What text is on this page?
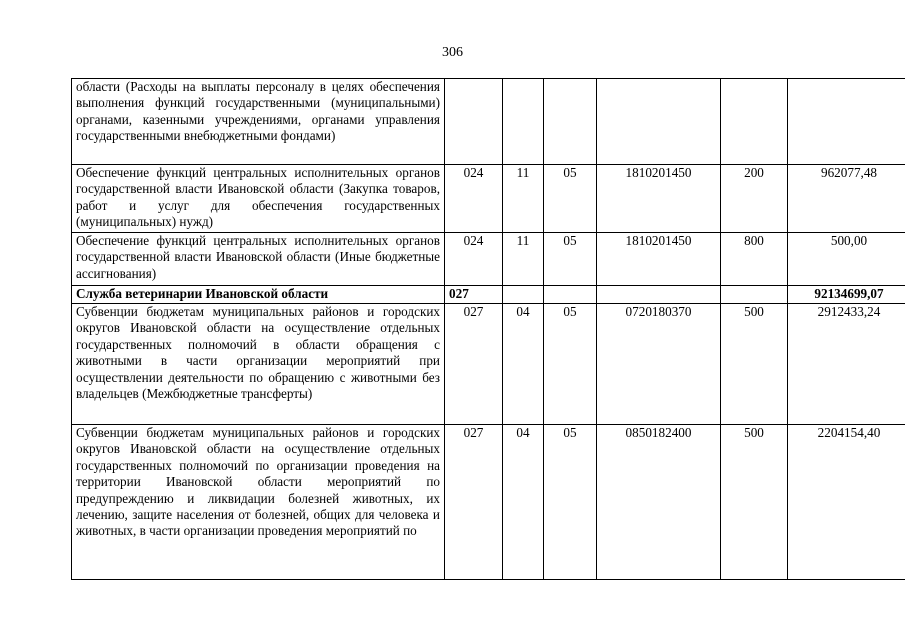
306
области (Расходы на выплаты персоналу в целях обеспечения выполнения функций государственными (муниципальными) органами, казенными учреждениями, органами управления государственными внебюджетными фондами)						
Обеспечение функций центральных исполнительных органов государственной власти Ивановской области (Закупка товаров, работ и услуг для обеспечения государственных (муниципальных) нужд)	024	11	05	1810201450	200	962077,48
Обеспечение функций центральных исполнительных органов государственной власти Ивановской области (Иные бюджетные ассигнования)	024	11	05	1810201450	800	500,00
Служба ветеринарии Ивановской области	027					92134699,07
Субвенции бюджетам муниципальных районов и городских округов Ивановской области на осуществление отдельных государственных полномочий в области обращения с животными в части организации мероприятий при осуществлении деятельности по обращению с животными без владельцев (Межбюджетные трансферты)	027	04	05	0720180370	500	2912433,24
Субвенции бюджетам муниципальных районов и городских округов Ивановской области на осуществление отдельных государственных полномочий по организации проведения на территории Ивановской области мероприятий по предупреждению и ликвидации болезней животных, их лечению, защите населения от болезней, общих для человека и животных, в части организации проведения мероприятий по	027	04	05	0850182400	500	2204154,40
